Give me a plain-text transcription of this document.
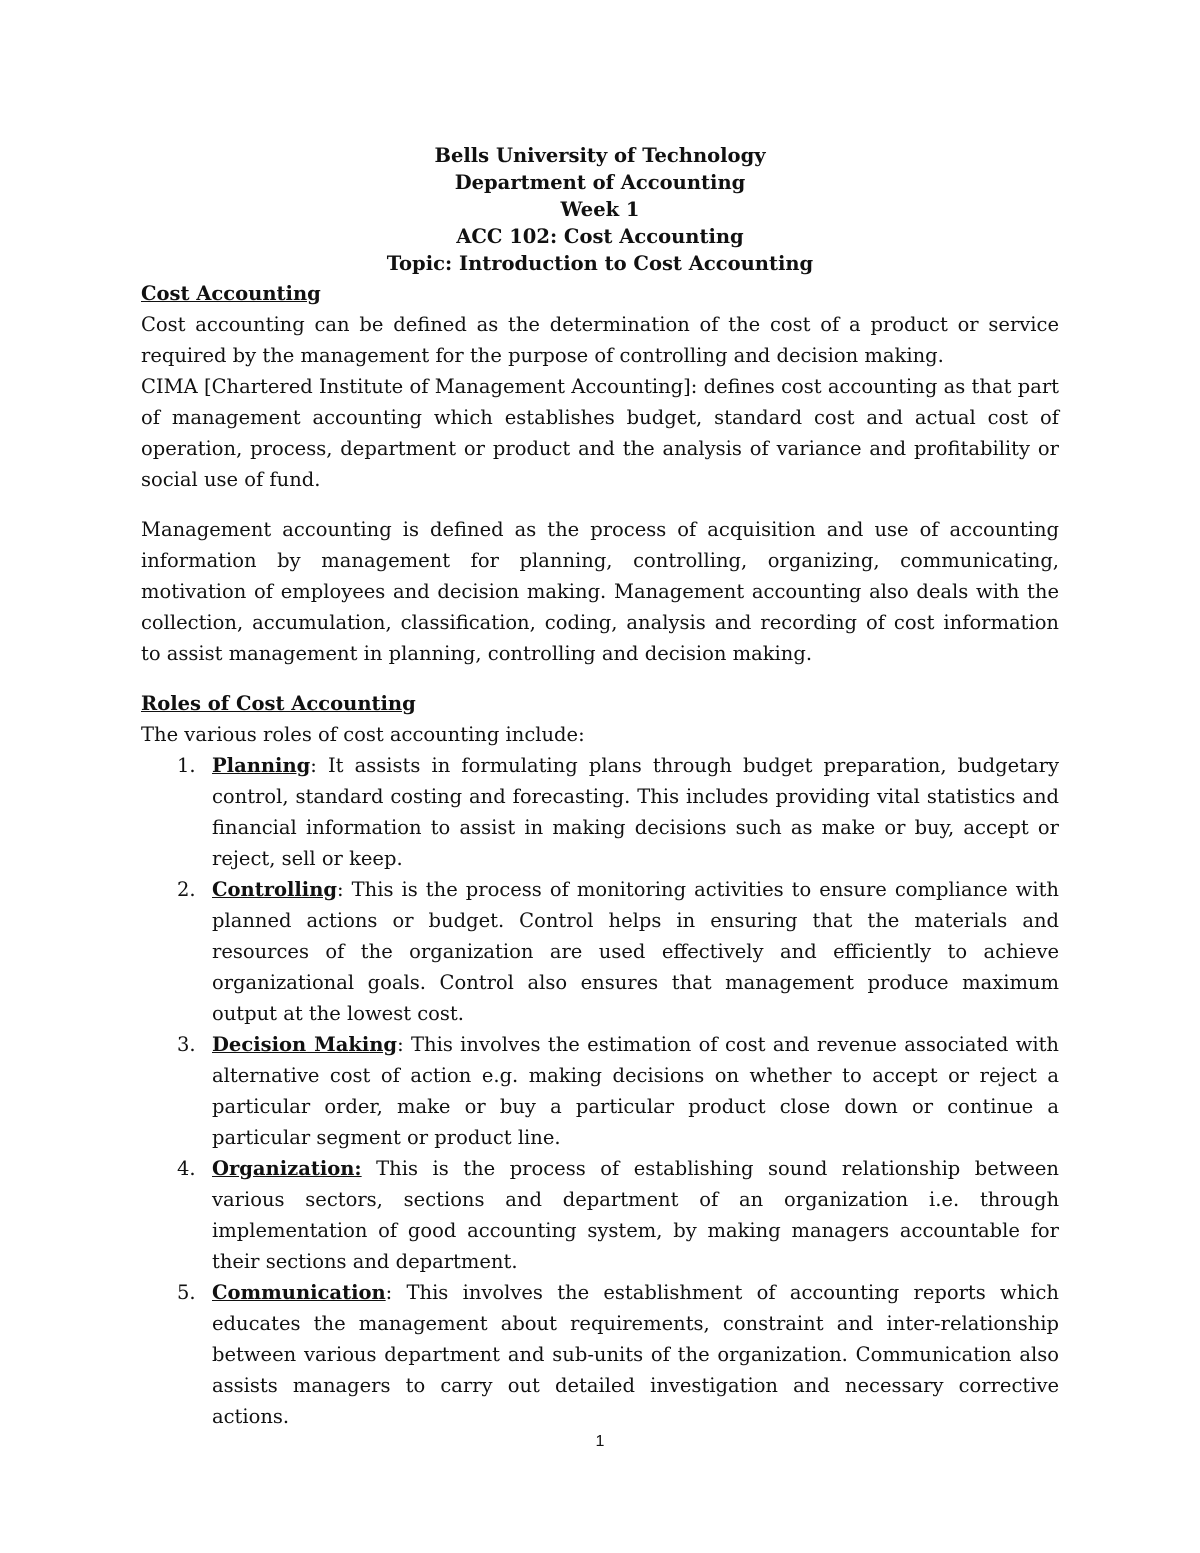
Bells University of Technology
Department of Accounting
Week 1
ACC 102: Cost Accounting
Topic: Introduction to Cost Accounting
Cost Accounting

Cost accounting can be defined as the determination of the cost of a product or service required by the management for the purpose of controlling and decision making.

CIMA [Chartered Institute of Management Accounting]: defines cost accounting as that part of management accounting which establishes budget, standard cost and actual cost of operation, process, department or product and the analysis of variance and profitability or social use of fund.

Management accounting is defined as the process of acquisition and use of accounting information by management for planning, controlling, organizing, communicating, motivation of employees and decision making. Management accounting also deals with the collection, accumulation, classification, coding, analysis and recording of cost information to assist management in planning, controlling and decision making.

Roles of Cost Accounting

The various roles of cost accounting include:

1. Planning: It assists in formulating plans through budget preparation, budgetary control, standard costing and forecasting. This includes providing vital statistics and financial information to assist in making decisions such as make or buy, accept or reject, sell or keep.
2. Controlling: This is the process of monitoring activities to ensure compliance with planned actions or budget. Control helps in ensuring that the materials and resources of the organization are used effectively and efficiently to achieve organizational goals. Control also ensures that management produce maximum output at the lowest cost.
3. Decision Making: This involves the estimation of cost and revenue associated with alternative cost of action e.g. making decisions on whether to accept or reject a particular order, make or buy a particular product close down or continue a particular segment or product line.
4. Organization: This is the process of establishing sound relationship between various sectors, sections and department of an organization i.e. through implementation of good accounting system, by making managers accountable for their sections and department.
5. Communication: This involves the establishment of accounting reports which educates the management about requirements, constraint and inter-relationship between various department and sub-units of the organization. Communication also assists managers to carry out detailed investigation and necessary corrective actions.
1
